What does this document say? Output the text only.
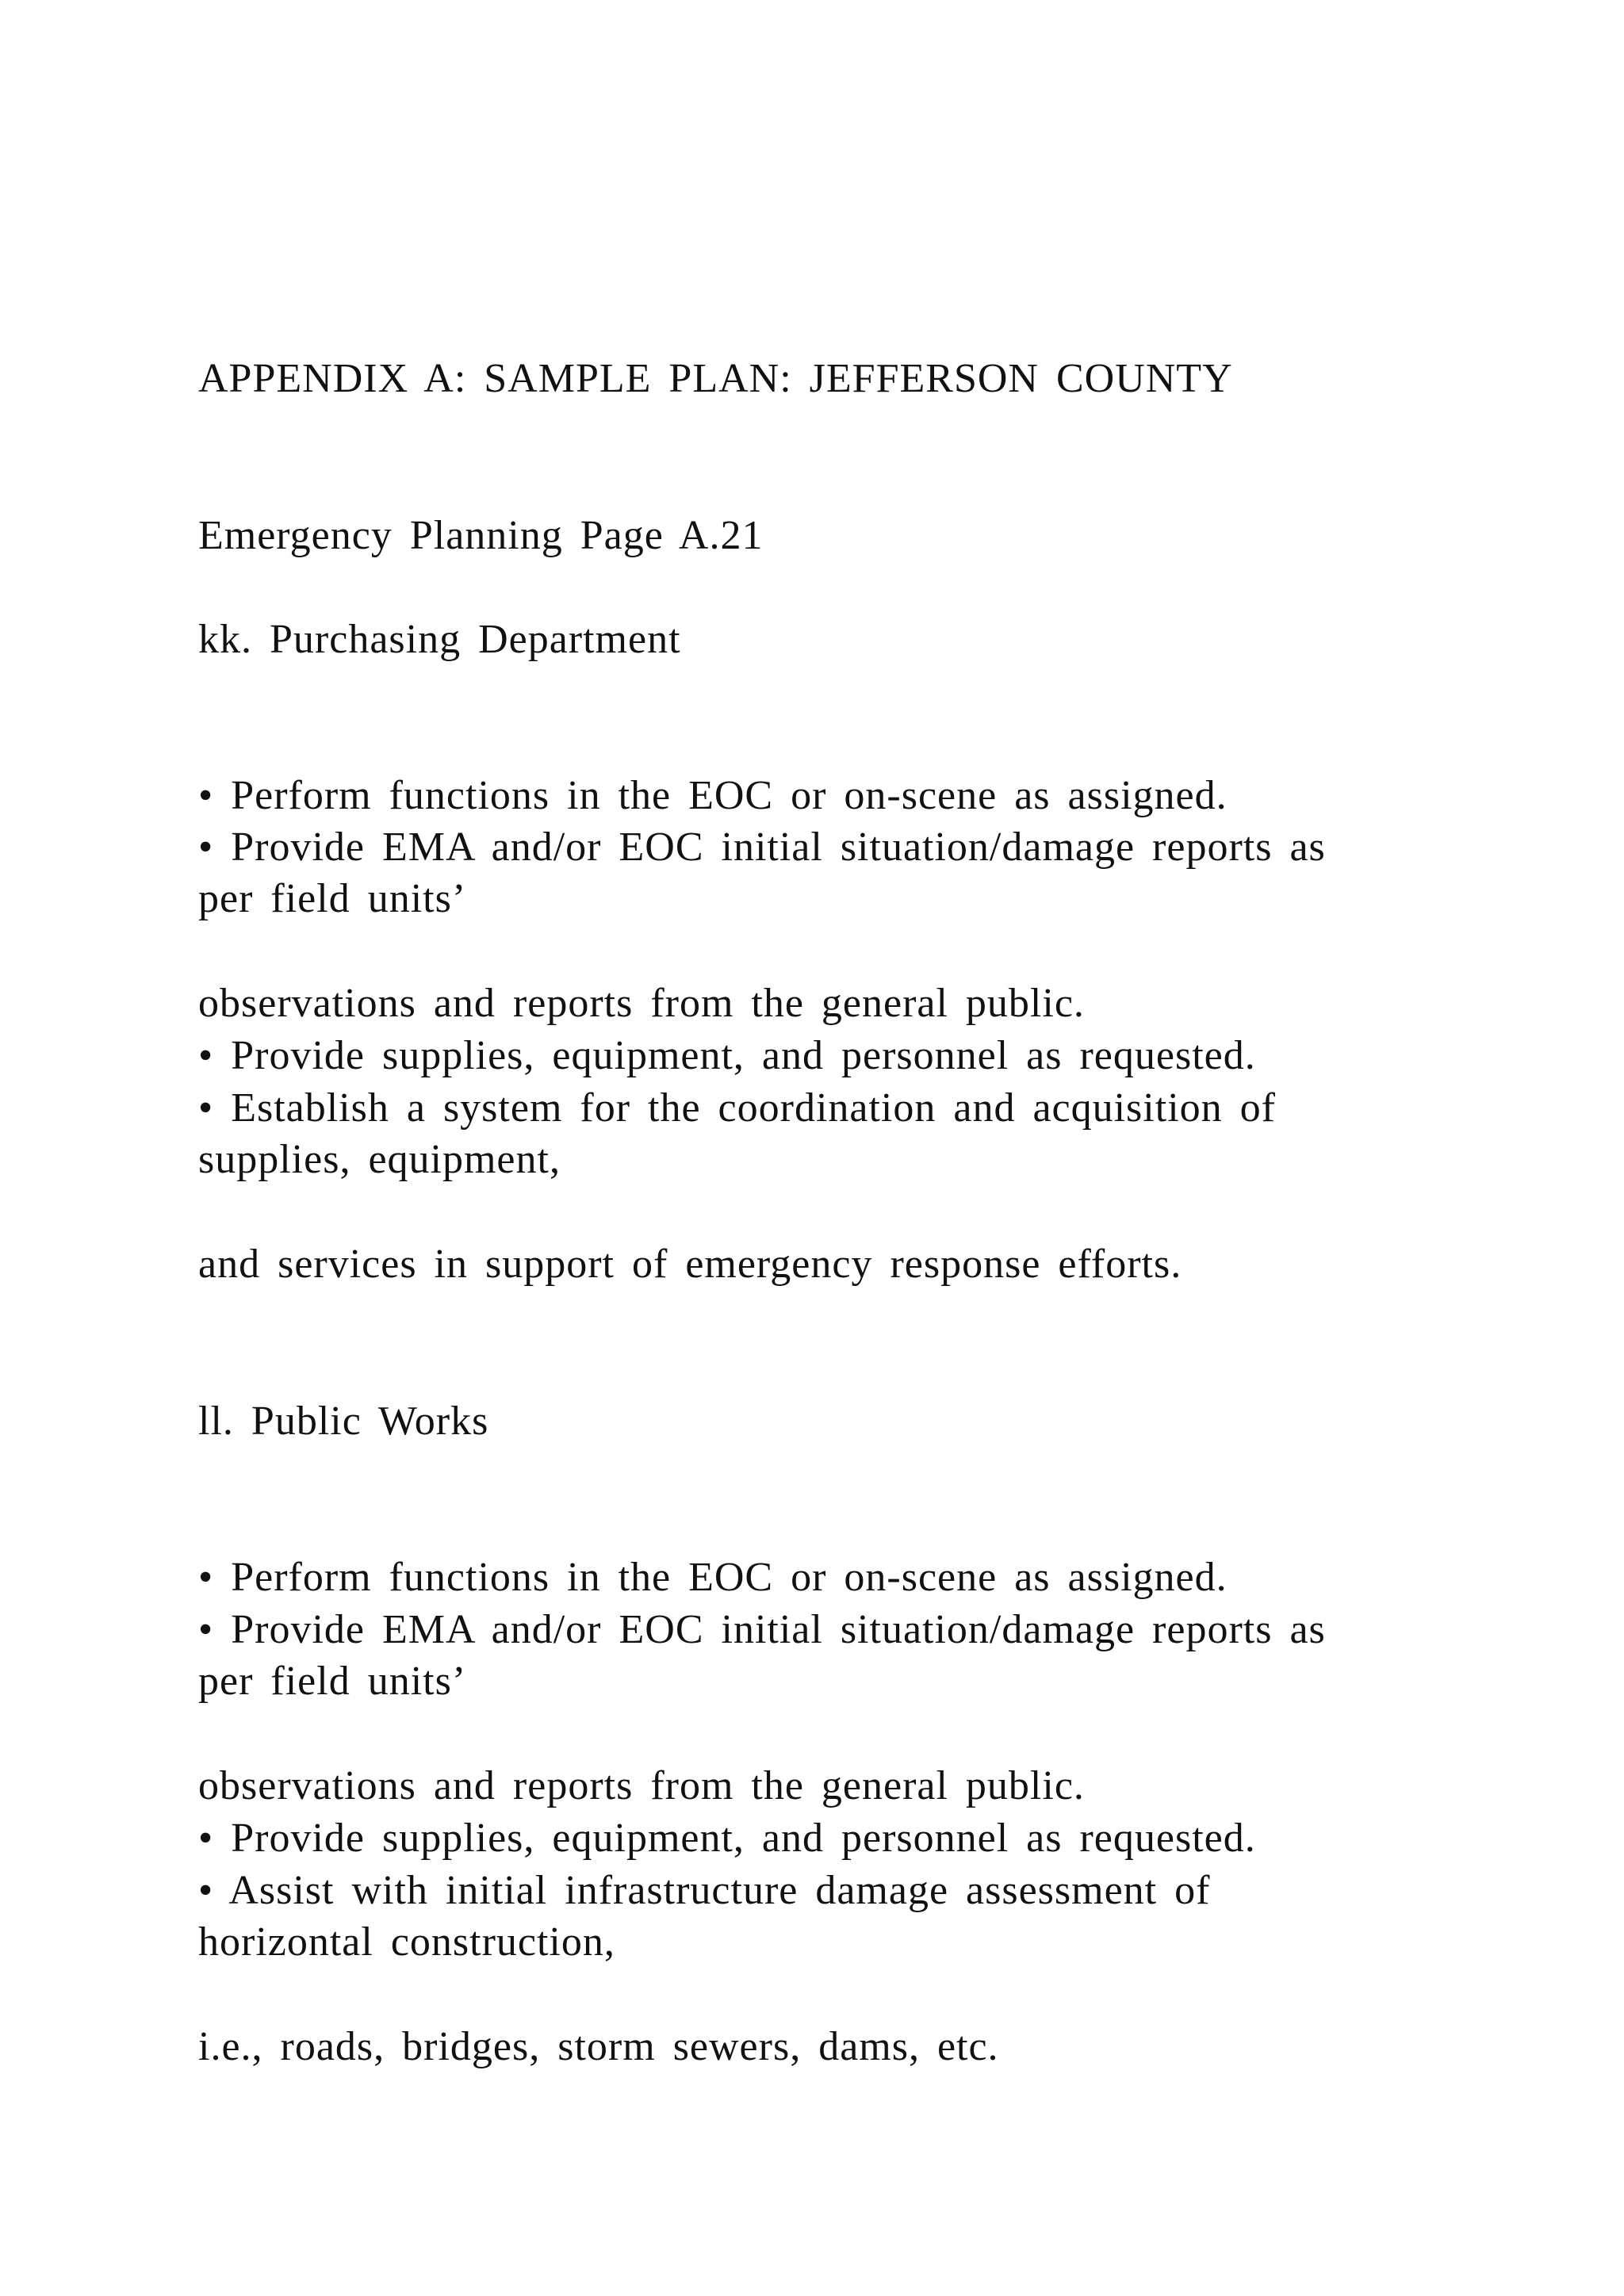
APPENDIX A: SAMPLE PLAN: JEFFERSON COUNTY
Emergency Planning Page A.21
kk. Purchasing Department
• Perform functions in the EOC or on-scene as assigned.
• Provide EMA and/or EOC initial situation/damage reports as
per field units’
observations and reports from the general public.
• Provide supplies, equipment, and personnel as requested.
• Establish a system for the coordination and acquisition of
supplies, equipment,
and services in support of emergency response efforts.
ll. Public Works
• Perform functions in the EOC or on-scene as assigned.
• Provide EMA and/or EOC initial situation/damage reports as
per field units’
observations and reports from the general public.
• Provide supplies, equipment, and personnel as requested.
• Assist with initial infrastructure damage assessment of
horizontal construction,
i.e., roads, bridges, storm sewers, dams, etc.
